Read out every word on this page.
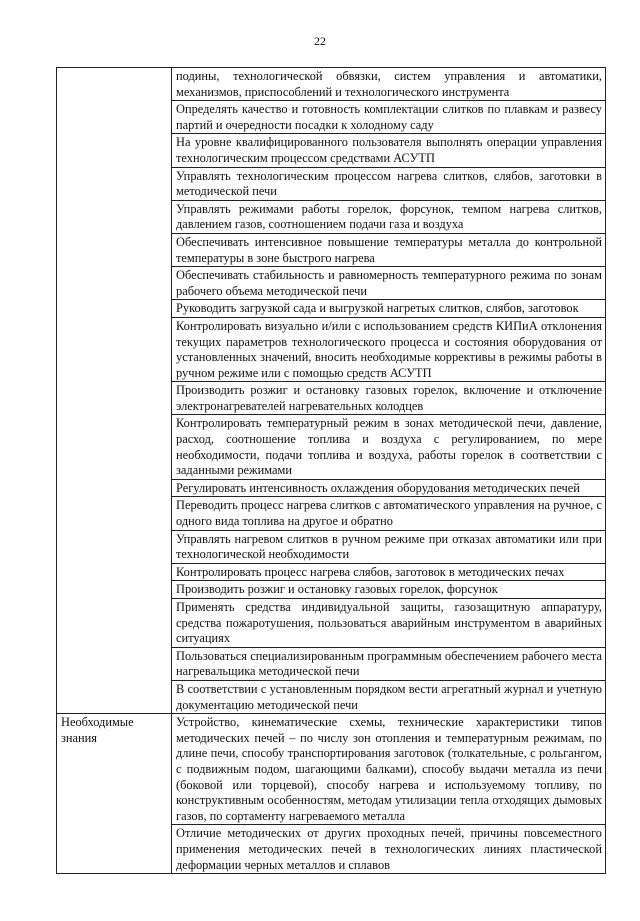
22

	подины, технологической обвязки, систем управления и автоматики, механизмов, приспособлений и технологического инструмента

	Определять качество и готовность комплектации слитков по плавкам и развесу партий и очередности посадки к холодному саду

	На уровне квалифицированного пользователя выполнять операции управления технологическим процессом средствами АСУТП

	Управлять технологическим процессом нагрева слитков, слябов, заготовки в методической печи

	Управлять режимами работы горелок, форсунок, темпом нагрева слитков, давлением газов, соотношением подачи газа и воздуха

	Обеспечивать интенсивное повышение температуры металла до контрольной температуры в зоне быстрого нагрева

	Обеспечивать стабильность и равномерность температурного режима по зонам рабочего объема методической печи

	Руководить загрузкой сада и выгрузкой нагретых слитков, слябов, заготовок

	Контролировать визуально и/или с использованием средств КИПиА отклонения текущих параметров технологического процесса и состояния оборудования от установленных значений, вносить необходимые коррективы в режимы работы в ручном режиме или с помощью средств АСУТП

	Производить розжиг и остановку газовых горелок, включение и отключение электронагревателей нагревательных колодцев

	Контролировать температурный режим в зонах методической печи, давление, расход, соотношение топлива и воздуха с регулированием, по мере необходимости, подачи топлива и воздуха, работы горелок в соответствии с заданными режимами

	Регулировать интенсивность охлаждения оборудования методических печей

	Переводить процесс нагрева слитков с автоматического управления на ручное, с одного вида топлива на другое и обратно

	Управлять нагревом слитков в ручном режиме при отказах автоматики или при технологической необходимости

	Контролировать процесс нагрева слябов, заготовок в методических печах

	Производить розжиг и остановку газовых горелок, форсунок

	Применять средства индивидуальной защиты, газозащитную аппаратуру, средства пожаротушения, пользоваться аварийным инструментом в аварийных ситуациях

	Пользоваться специализированным программным обеспечением рабочего места нагревальщика методической печи

	В соответствии с установленным порядком вести агрегатный журнал и учетную документацию методической печи

Необходимые знания	Устройство, кинематические схемы, технические характеристики типов методических печей – по числу зон отопления и температурным режимам, по длине печи, способу транспортирования заготовок (толкательные, с рольгангом, с подвижным подом, шагающими балками), способу выдачи металла из печи (боковой или торцевой), способу нагрева и используемому топливу, по конструктивным особенностям, методам утилизации тепла отходящих дымовых газов, по сортаменту нагреваемого металла

	Отличие методических от других проходных печей, причины повсеместного применения методических печей в технологических линиях пластической деформации черных металлов и сплавов
